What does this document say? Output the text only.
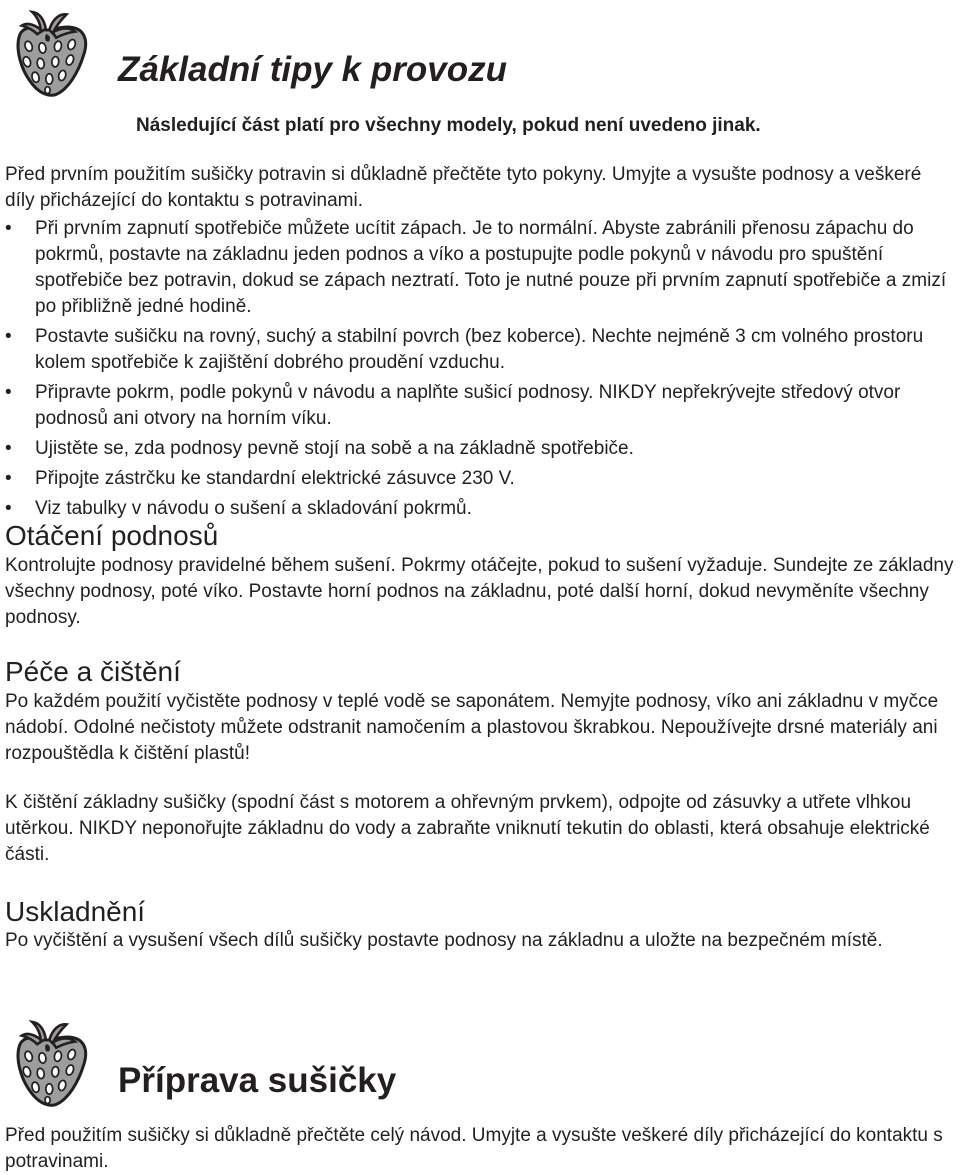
Základní tipy k provozu
Následující část platí pro všechny modely, pokud není uvedeno jinak.

Před prvním použitím sušičky potravin si důkladně přečtěte tyto pokyny. Umyjte a vysušte podnosy a veškeré díly přicházející do kontaktu s potravinami.

• Při prvním zapnutí spotřebiče můžete ucítit zápach. Je to normální. Abyste zabránili přenosu zápachu do pokrmů, postavte na základnu jeden podnos a víko a postupujte podle pokynů v návodu pro spuštění spotřebiče bez potravin, dokud se zápach neztratí. Toto je nutné pouze při prvním zapnutí spotřebiče a zmizí po přibližně jedné hodině.
• Postavte sušičku na rovný, suchý a stabilní povrch (bez koberce). Nechte nejméně 3 cm volného prostoru kolem spotřebiče k zajištění dobrého proudění vzduchu.
• Připravte pokrm, podle pokynů v návodu a naplňte sušicí podnosy. NIKDY nepřekrývejte středový otvor podnosů ani otvory na horním víku.
• Ujistěte se, zda podnosy pevně stojí na sobě a na základně spotřebiče.
• Připojte zástrčku ke standardní elektrické zásuvce 230 V.
• Viz tabulky v návodu o sušení a skladování pokrmů.
Otáčení podnosů

Kontrolujte podnosy pravidelné během sušení. Pokrmy otáčejte, pokud to sušení vyžaduje. Sundejte ze základny všechny podnosy, poté víko. Postavte horní podnos na základnu, poté další horní, dokud nevyměníte všechny podnosy.

Péče a čištění

Po každém použití vyčistěte podnosy v teplé vodě se saponátem. Nemyjte podnosy, víko ani základnu v myčce nádobí. Odolné nečistoty můžete odstranit namočením a plastovou škrabkou. Nepoužívejte drsné materiály ani rozpouštědla k čištění plastů!

K čištění základny sušičky (spodní část s motorem a ohřevným prvkem), odpojte od zásuvky a utřete vlhkou utěrkou. NIKDY neponořujte základnu do vody a zabraňte vniknutí tekutin do oblasti, která obsahuje elektrické části.

Uskladnění

Po vyčištění a vysušení všech dílů sušičky postavte podnosy na základnu a uložte na bezpečném místě.

Příprava sušičky

Před použitím sušičky si důkladně přečtěte celý návod. Umyjte a vysušte veškeré díly přicházející do kontaktu s potravinami.
